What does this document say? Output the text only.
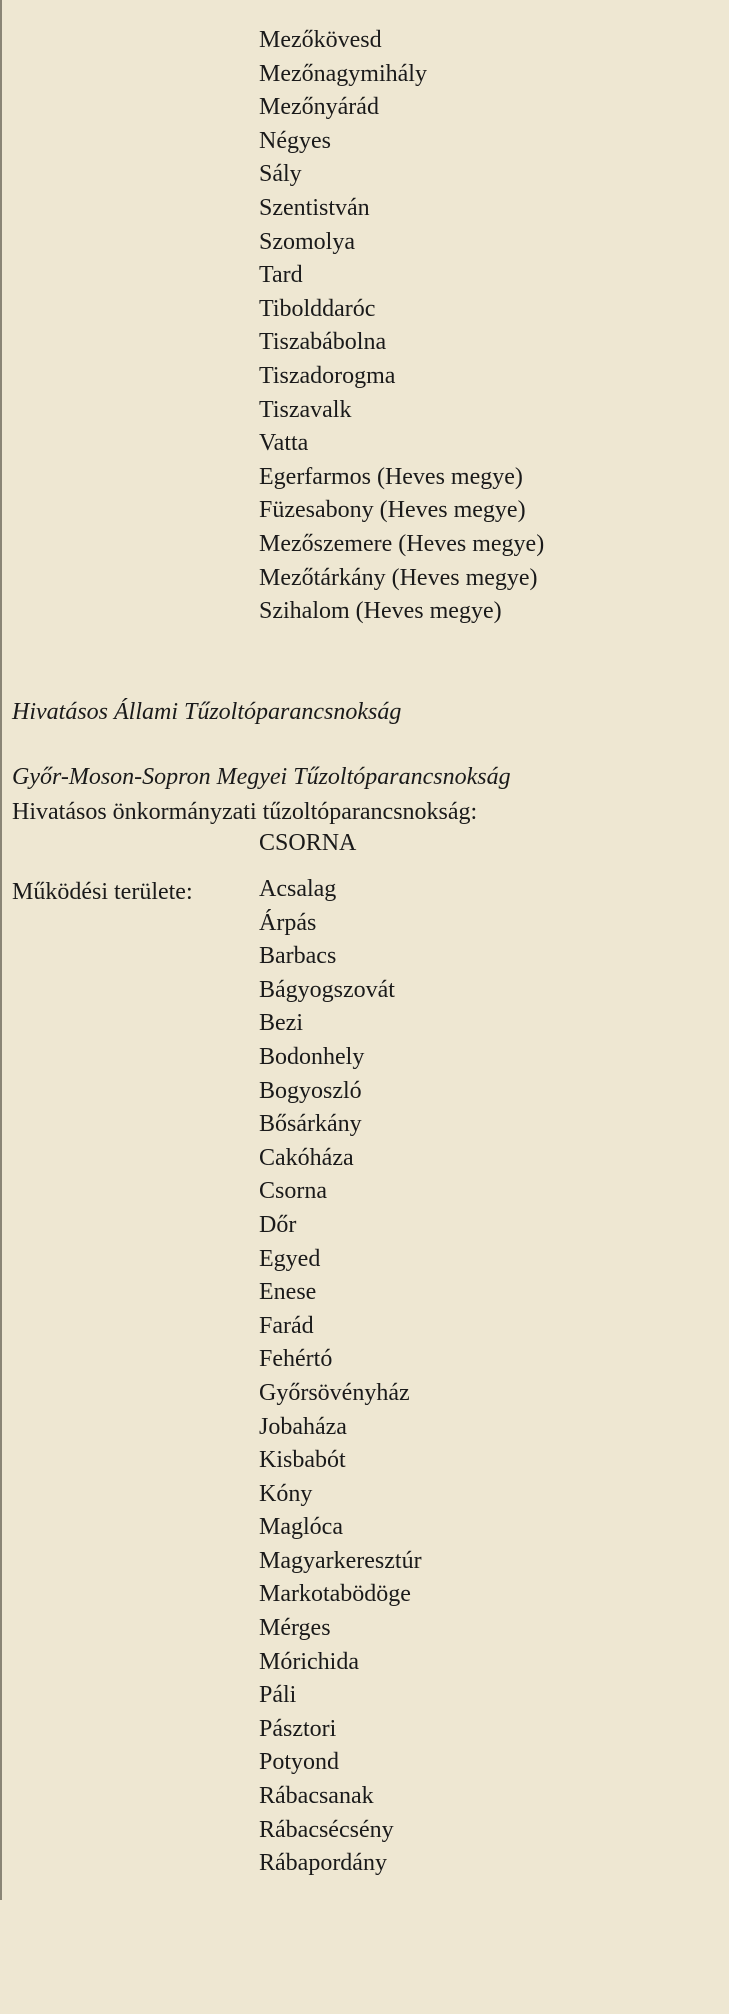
Mezőkövesd
Mezőnagymihály
Mezőnyárád
Négyes
Sály
Szentistván
Szomolya
Tard
Tibolddaróc
Tiszabábolna
Tiszadorogma
Tiszavalk
Vatta
Egerfarmos (Heves megye)
Füzesabony (Heves megye)
Mezőszemere (Heves megye)
Mezőtárkány (Heves megye)
Szihalom (Heves megye)
Hivatásos Állami Tűzoltóparancsnokság
Győr-Moson-Sopron Megyei Tűzoltóparancsnokság
Hivatásos önkormányzati tűzoltóparancsnokság:
CSORNA
Működési területe:	Acsalag
Árpás
Barbacs
Bágyogszovát
Bezi
Bodonhely
Bogyoszló
Bősárkány
Cakóháza
Csorna
Dőr
Egyed
Enese
Farád
Fehértó
Győrsövényház
Jobaháza
Kisbabót
Kóny
Maglóca
Magyarkeresztúr
Markotabödöge
Mérges
Mórichida
Páli
Pásztori
Potyond
Rábacsanak
Rábacsécsény
Rábapordány
